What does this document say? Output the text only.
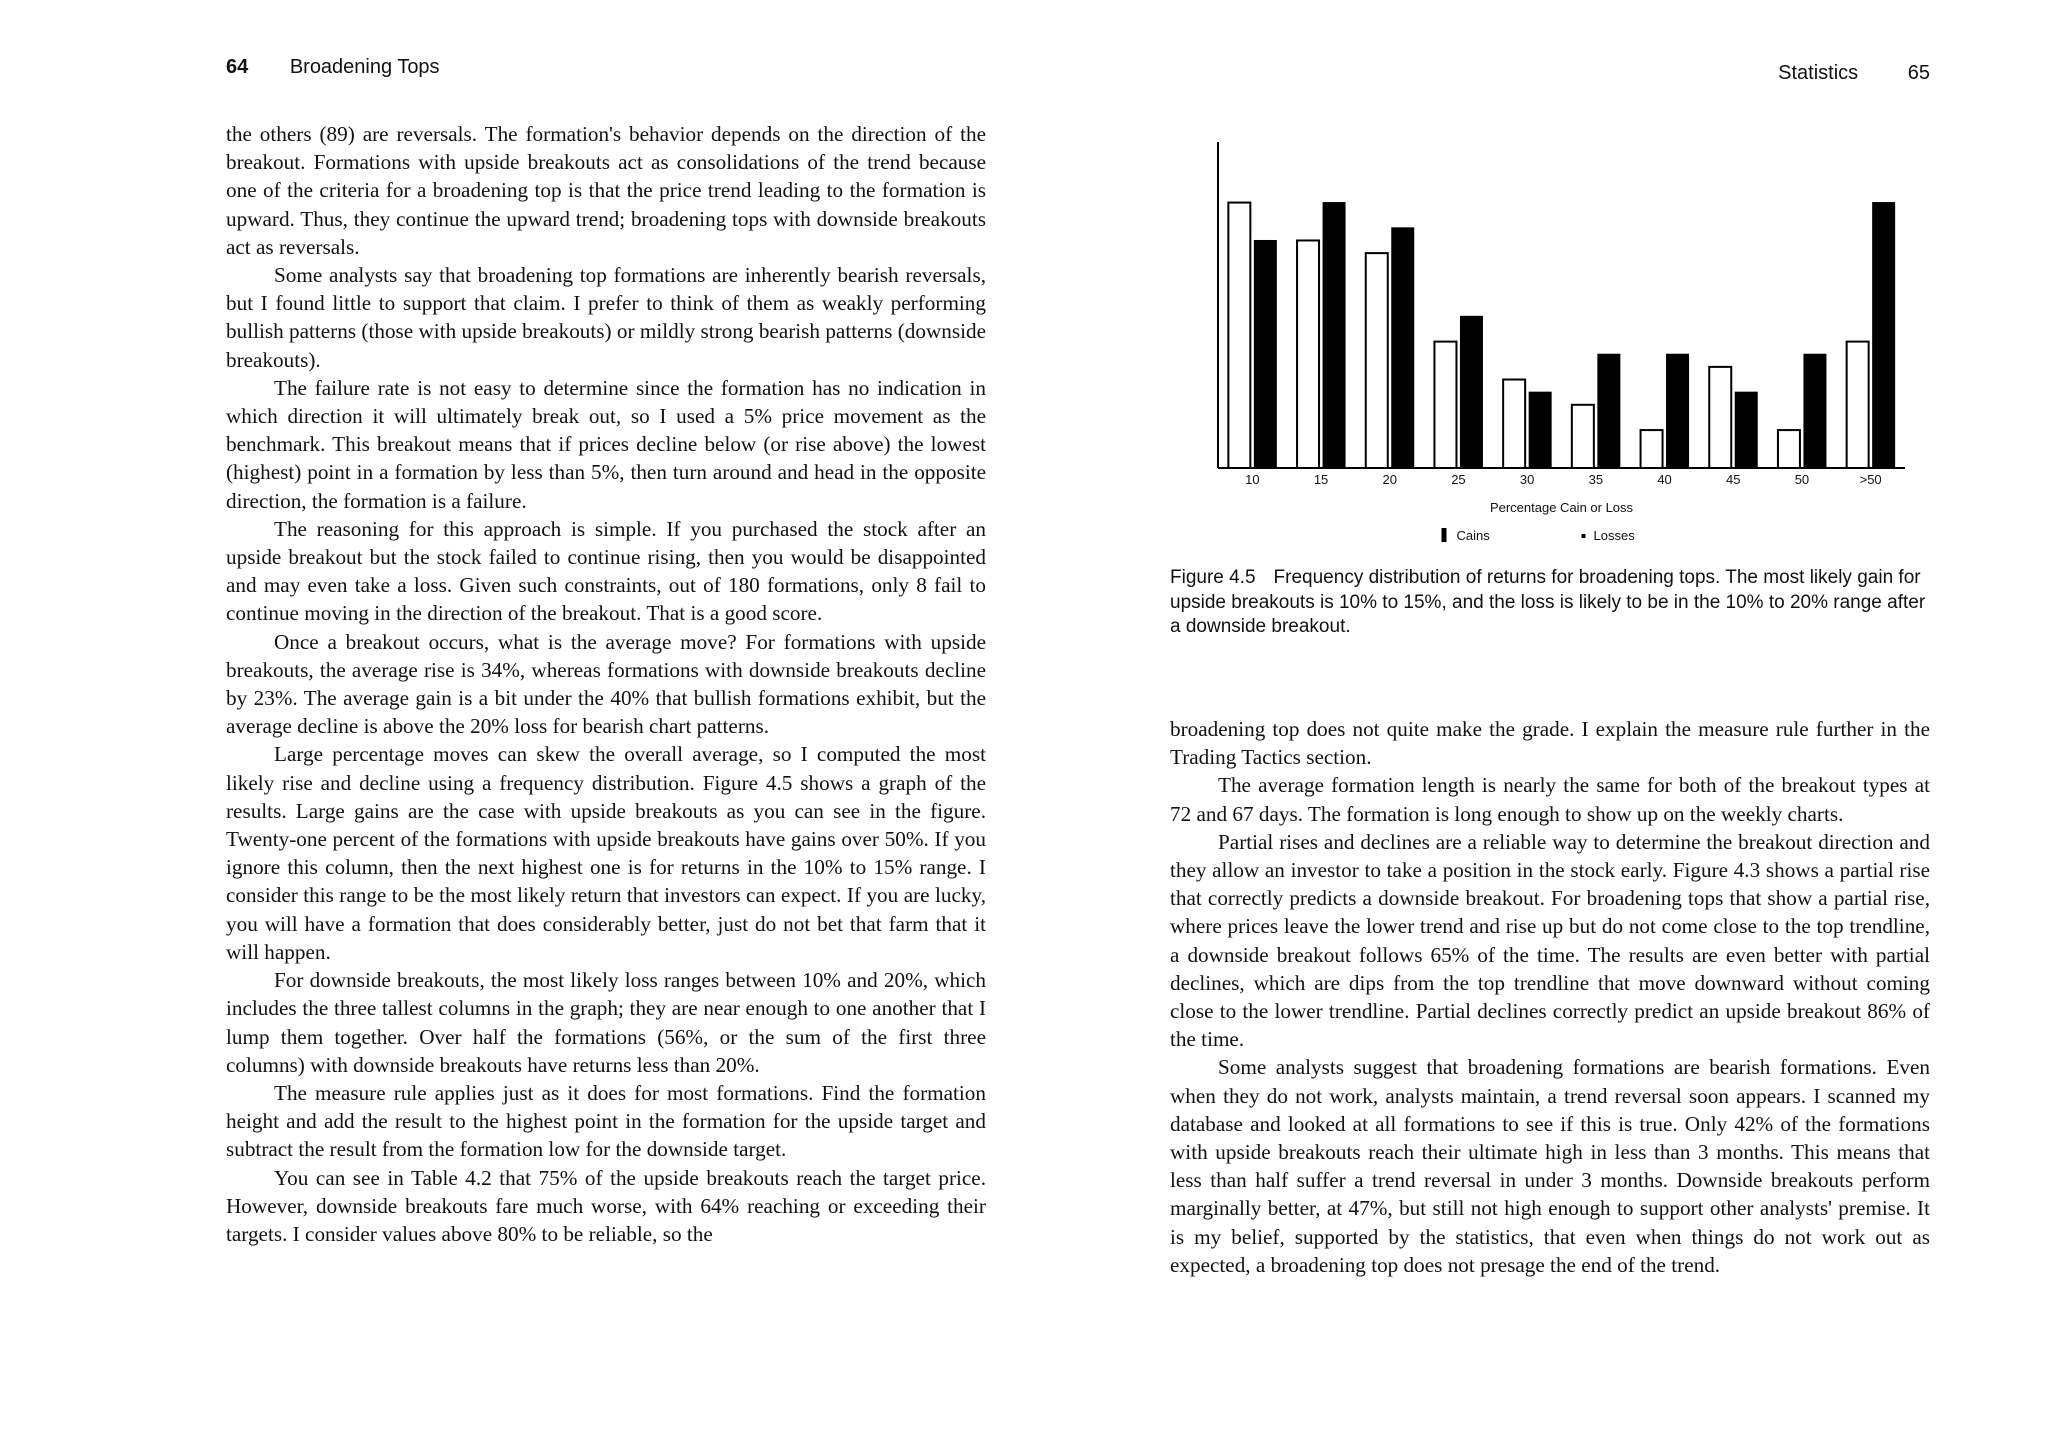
64 Broadening Tops

the others (89) are reversals. The formation's behavior depends on the direction of the breakout. Formations with upside breakouts act as consolidations of the trend because one of the criteria for a broadening top is that the price trend leading to the formation is upward. Thus, they continue the upward trend; broadening tops with downside breakouts act as reversals.

Some analysts say that broadening top formations are inherently bearish reversals, but I found little to support that claim. I prefer to think of them as weakly performing bullish patterns (those with upside breakouts) or mildly strong bearish patterns (downside breakouts).

The failure rate is not easy to determine since the formation has no indication in which direction it will ultimately break out, so I used a 5% price movement as the benchmark. This breakout means that if prices decline below (or rise above) the lowest (highest) point in a formation by less than 5%, then turn around and head in the opposite direction, the formation is a failure.

The reasoning for this approach is simple. If you purchased the stock after an upside breakout but the stock failed to continue rising, then you would be disappointed and may even take a loss. Given such constraints, out of 180 formations, only 8 fail to continue moving in the direction of the breakout. That is a good score.

Once a breakout occurs, what is the average move? For formations with upside breakouts, the average rise is 34%, whereas formations with downside breakouts decline by 23%. The average gain is a bit under the 40% that bullish formations exhibit, but the average decline is above the 20% loss for bearish chart patterns.

Large percentage moves can skew the overall average, so I computed the most likely rise and decline using a frequency distribution. Figure 4.5 shows a graph of the results. Large gains are the case with upside breakouts as you can see in the figure. Twenty-one percent of the formations with upside breakouts have gains over 50%. If you ignore this column, then the next highest one is for returns in the 10% to 15% range. I consider this range to be the most likely return that investors can expect. If you are lucky, you will have a formation that does considerably better, just do not bet that farm that it will happen.

For downside breakouts, the most likely loss ranges between 10% and 20%, which includes the three tallest columns in the graph; they are near enough to one another that I lump them together. Over half the formations (56%, or the sum of the first three columns) with downside breakouts have returns less than 20%.

The measure rule applies just as it does for most formations. Find the formation height and add the result to the highest point in the formation for the upside target and subtract the result from the formation low for the downside target.

You can see in Table 4.2 that 75% of the upside breakouts reach the target price. However, downside breakouts fare much worse, with 64% reaching or exceeding their targets. I consider values above 80% to be reliable, so the

Statistics 65
10	15	20	25	30	35	40	45	50	>50
Percentage Cain or Loss
Cains	Losses
Figure 4.5 Frequency distribution of returns for broadening tops. The most likely gain for upside breakouts is 10% to 15%, and the loss is likely to be in the 10% to 20% range after a downside breakout.

broadening top does not quite make the grade. I explain the measure rule further in the Trading Tactics section.

The average formation length is nearly the same for both of the breakout types at 72 and 67 days. The formation is long enough to show up on the weekly charts.

Partial rises and declines are a reliable way to determine the breakout direction and they allow an investor to take a position in the stock early. Figure 4.3 shows a partial rise that correctly predicts a downside breakout. For broadening tops that show a partial rise, where prices leave the lower trend and rise up but do not come close to the top trendline, a downside breakout follows 65% of the time. The results are even better with partial declines, which are dips from the top trendline that move downward without coming close to the lower trendline. Partial declines correctly predict an upside breakout 86% of the time.

Some analysts suggest that broadening formations are bearish formations. Even when they do not work, analysts maintain, a trend reversal soon appears. I scanned my database and looked at all formations to see if this is true. Only 42% of the formations with upside breakouts reach their ultimate high in less than 3 months. This means that less than half suffer a trend reversal in under 3 months. Downside breakouts perform marginally better, at 47%, but still not high enough to support other analysts' premise. It is my belief, supported by the statistics, that even when things do not work out as expected, a broadening top does not presage the end of the trend.
